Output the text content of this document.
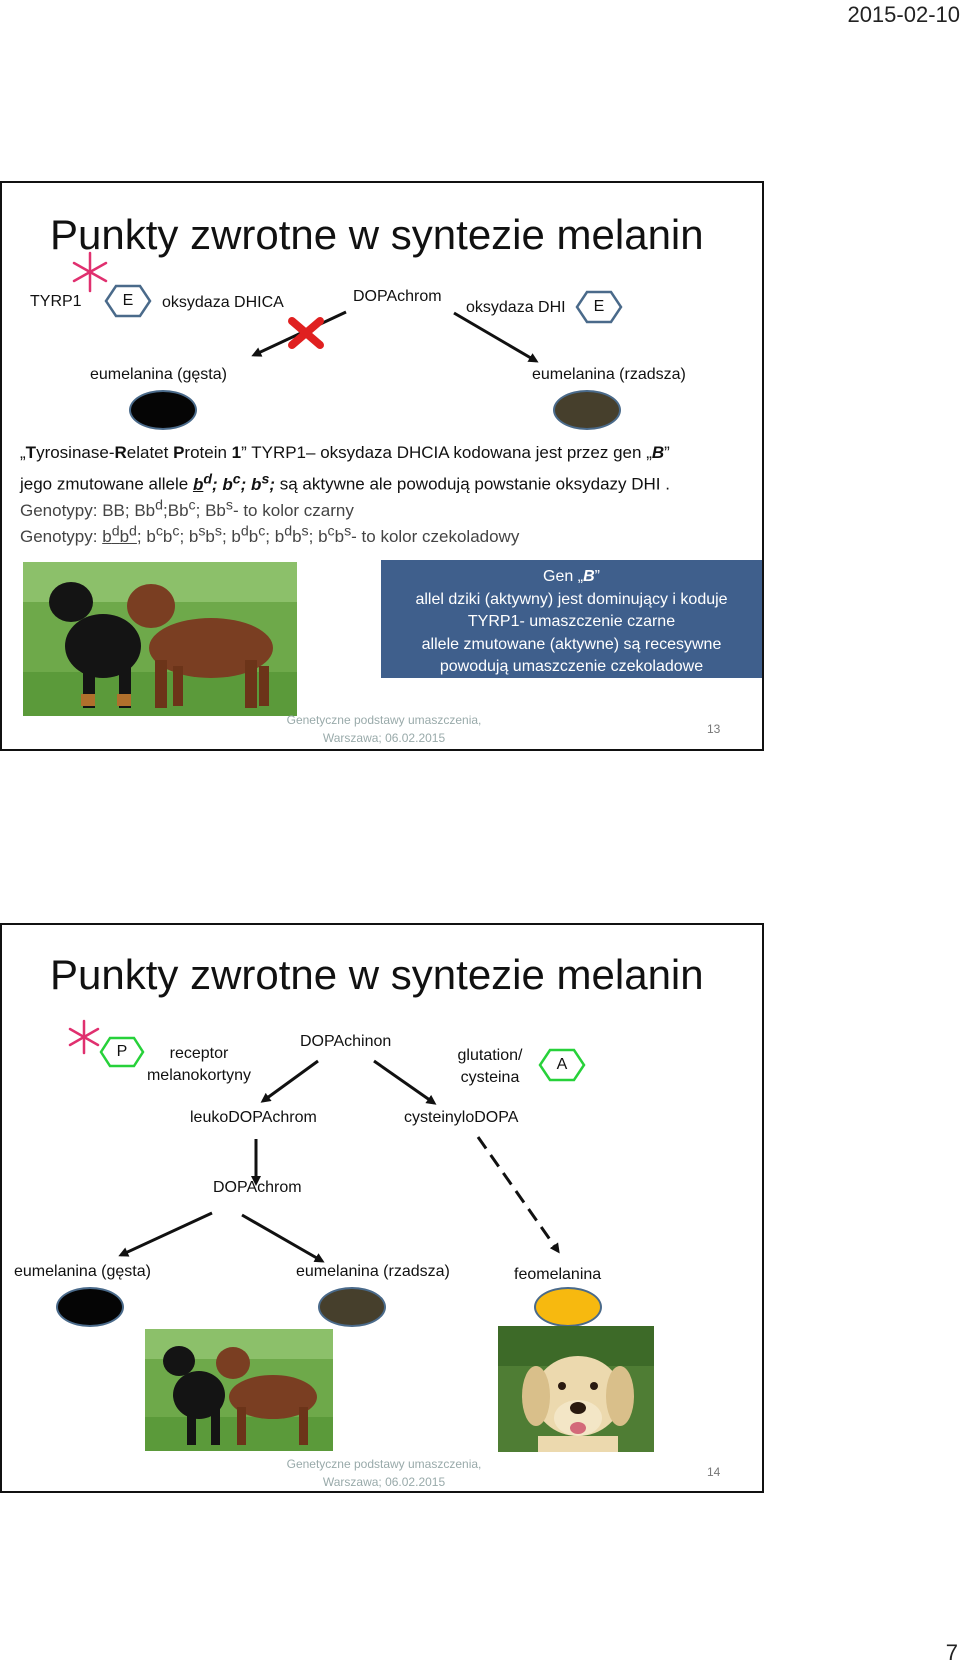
2015-02-10
Punkty zwrotne w syntezie melanin
TYRP1	E	oksydaza DHICA	DOPAchrom
oksydaza DHI	E
eumelanina (gęsta)	eumelanina (rzadsza)
„Tyrosinase-Relatet Protein 1” TYRP1– oksydaza DHCIA kodowana jest przez gen „B”
jego zmutowane allele $b^d$; $b^c$; $b^s$; są aktywne ale powodują powstanie oksydazy DHI .
Genotypy: BB; Bb$^d$;Bb$^c$; Bb$^s$- to kolor czarny
Genotypy: $b^db^d$; $b^cb^c$; $b^sb^s$; $b^db^c$; $b^db^s$; $b^cb^s-$ to kolor czekoladowy
Gen „B”
allel dziki (aktywny) jest dominujący i koduje
TYRP1- umaszczenie czarne
allele zmutowane (aktywne) są recesywne
powodują umaszczenie czekoladowe
Genetyczne podstawy umaszczenia,
Warszawa; 06.02.2015
13
Punkty zwrotne w syntezie melanin
P	receptor
melanokortyny
DOPAchinon
glutation/
cysteina
A
leukoDOPAchrom	cysteinyloDOPA
DOPAchrom
eumelanina (gęsta)	eumelanina (rzadsza)	feomelanina
Genetyczne podstawy umaszczenia,
Warszawa; 06.02.2015
14
7
